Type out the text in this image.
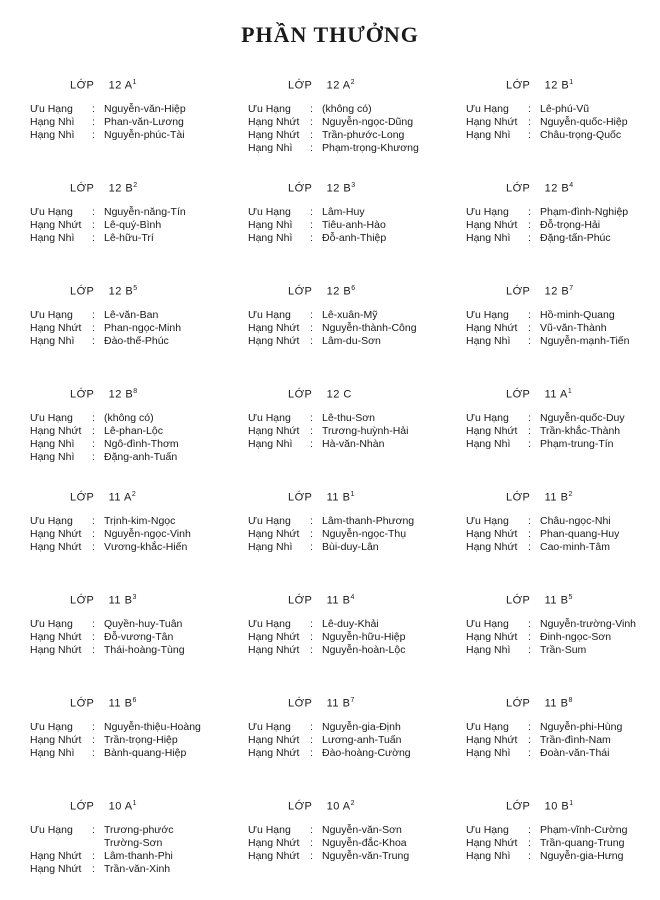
PHẦN THƯỞNG
LỚP 12 $A^1$
Ưu Hạng	: Nguyễn-văn-Hiệp
Hạng Nhì	: Phan-văn-Lương
Hạng Nhì	: Nguyễn-phúc-Tài
LỚP 12 $A^2$
Ưu Hạng	: (không có)
Hạng Nhứt	: Nguyễn-ngọc-Dũng
Hạng Nhứt	: Trần-phước-Long
Hạng Nhì	: Phạm-trọng-Khương
LỚP 12 $B^1$
Ưu Hạng	: Lê-phú-Vũ
Hạng Nhứt	: Nguyễn-quốc-Hiệp
Hạng Nhì	: Châu-trọng-Quốc
LỚP 12 $B^2$
Ưu Hạng	: Nguyễn-năng-Tín
Hạng Nhứt	: Lê-quý-Bình
Hạng Nhì	: Lê-hữu-Trí
LỚP 12 $B^3$
Ưu Hạng	: Lâm-Huy
Hạng Nhì	: Tiêu-anh-Hào
Hạng Nhì	: Đỗ-anh-Thiệp
LỚP 12 $B^4$
Ưu Hạng	: Phạm-đình-Nghiệp
Hạng Nhứt	: Đỗ-trọng-Hải
Hạng Nhì	: Đặng-tấn-Phúc
LỚP 12 $B^5$
Ưu Hạng	: Lê-văn-Ban
Hạng Nhứt	: Phan-ngọc-Minh
Hạng Nhì	: Đào-thế-Phúc
LỚP 12 $B^6$
Ưu Hạng	: Lê-xuân-Mỹ
Hạng Nhứt	: Nguyễn-thành-Công
Hạng Nhứt	: Lâm-du-Sơn
LỚP 12 $B^7$
Ưu Hạng	: Hồ-minh-Quang
Hạng Nhứt	: Vũ-văn-Thành
Hạng Nhì	: Nguyễn-mạnh-Tiến
LỚP 12 $B^8$
Ưu Hạng	: (không có)
Hạng Nhứt	: Lê-phan-Lộc
Hạng Nhì	: Ngô-đình-Thơm
Hạng Nhì	: Đặng-anh-Tuấn
LỚP 12 C
Ưu Hạng	: Lê-thu-Sơn
Hạng Nhứt	: Trương-huỳnh-Hải
Hạng Nhì	: Hà-văn-Nhàn
LỚP 11 $A^1$
Ưu Hạng	: Nguyễn-quốc-Duy
Hạng Nhứt	: Trần-khắc-Thành
Hạng Nhì	: Phạm-trung-Tín
LỚP 11 $A^2$
Ưu Hạng	: Trịnh-kim-Ngọc
Hạng Nhứt	: Nguyễn-ngọc-Vinh
Hạng Nhứt	: Vương-khắc-Hiến
LỚP 11 $B^1$
Ưu Hạng	: Lâm-thanh-Phương
Hạng Nhứt	: Nguyễn-ngọc-Thụ
Hạng Nhì	: Bùi-duy-Lân
LỚP 11 $B^2$
Ưu Hạng	: Châu-ngọc-Nhi
Hạng Nhứt	: Phan-quang-Huy
Hạng Nhứt	: Cao-minh-Tâm
LỚP 11 $B^3$
Ưu Hạng	: Quyền-huy-Tuân
Hạng Nhứt	: Đỗ-vương-Tân
Hạng Nhứt	: Thái-hoàng-Tùng
LỚP 11 $B^4$
Ưu Hạng	: Lê-duy-Khải
Hạng Nhứt	: Nguyễn-hữu-Hiệp
Hạng Nhứt	: Nguyễn-hoàn-Lộc
LỚP 11 $B^5$
Ưu Hạng	: Nguyễn-trường-Vinh
Hạng Nhứt	: Đinh-ngọc-Sơn
Hạng Nhì	: Trần-Sum
LỚP 11 $B^6$
Ưu Hạng	: Nguyễn-thiệu-Hoàng
Hạng Nhứt	: Trần-trọng-Hiệp
Hạng Nhì	: Bành-quang-Hiệp
LỚP 11 $B^7$
Ưu Hạng	: Nguyễn-gia-Định
Hạng Nhứt	: Lương-anh-Tuấn
Hạng Nhứt	: Đào-hoàng-Cường
LỚP 11 $B^8$
Ưu Hạng	: Nguyễn-phi-Hùng
Hạng Nhứt	: Trần-đình-Nam
Hạng Nhì	: Đoàn-văn-Thái
LỚP 10 $A^1$
Ưu Hạng	: Trương-phước
Trường-Sơn
Hạng Nhứt	: Lâm-thanh-Phi
Hạng Nhứt	: Trần-văn-Xinh
LỚP 10 $A^2$
Ưu Hạng	: Nguyễn-văn-Sơn
Hạng Nhứt	: Nguyễn-đắc-Khoa
Hạng Nhứt	: Nguyễn-văn-Trung
LỚP 10 $B^1$
Ưu Hạng	: Phạm-vĩnh-Cường
Hạng Nhứt	: Trần-quang-Trung
Hạng Nhì	: Nguyễn-gia-Hưng
